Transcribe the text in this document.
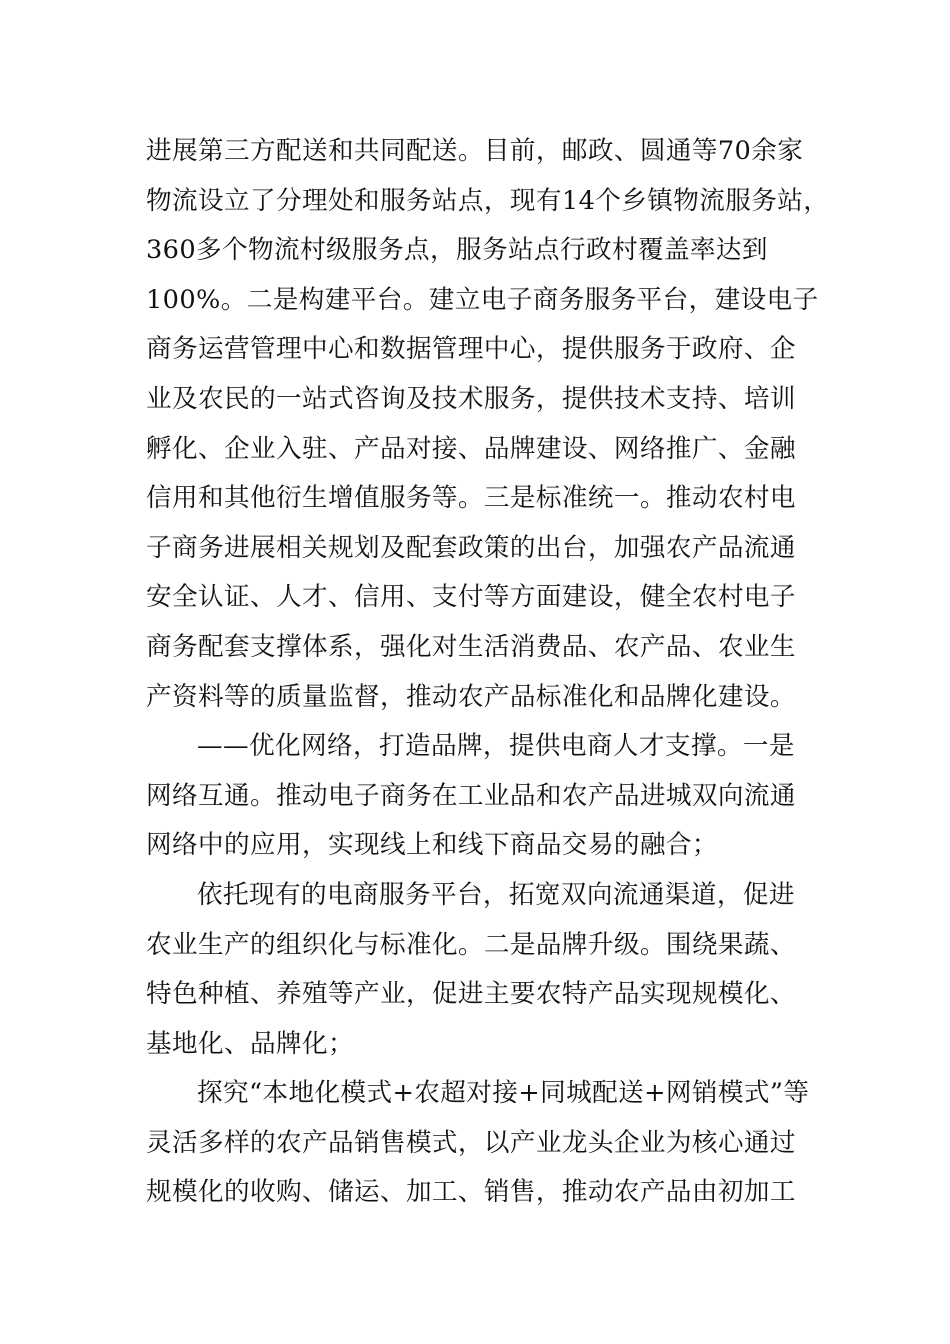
进展第三方配送和共同配送。目前，邮政、圆通等70余家
物流设立了分理处和服务站点，现有14个乡镇物流服务站，
360多个物流村级服务点，服务站点行政村覆盖率达到
100%。二是构建平台。建立电子商务服务平台，建设电子
商务运营管理中心和数据管理中心，提供服务于政府、企
业及农民的一站式咨询及技术服务，提供技术支持、培训
孵化、企业入驻、产品对接、品牌建设、网络推广、金融
信用和其他衍生增值服务等。三是标准统一。推动农村电
子商务进展相关规划及配套政策的出台，加强农产品流通
安全认证、人才、信用、支付等方面建设，健全农村电子
商务配套支撑体系，强化对生活消费品、农产品、农业生
产资料等的质量监督，推动农产品标准化和品牌化建设。
——优化网络，打造品牌，提供电商人才支撑。一是
网络互通。推动电子商务在工业品和农产品进城双向流通
网络中的应用，实现线上和线下商品交易的融合；
依托现有的电商服务平台，拓宽双向流通渠道，促进
农业生产的组织化与标准化。二是品牌升级。围绕果蔬、
特色种植、养殖等产业，促进主要农特产品实现规模化、
基地化、品牌化；
探究“本地化模式+农超对接+同城配送+网销模式”等
灵活多样的农产品销售模式，以产业龙头企业为核心通过
规模化的收购、储运、加工、销售，推动农产品由初加工
